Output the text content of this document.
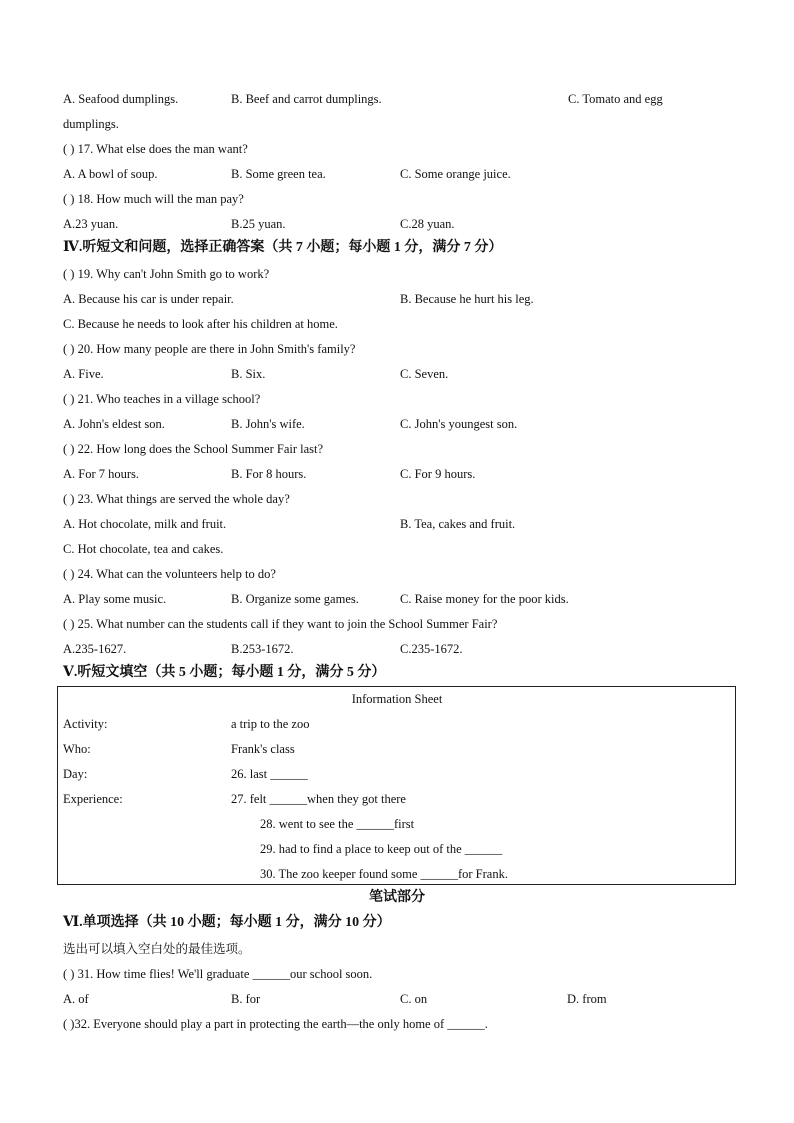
A. Seafood dumplings.	B. Beef and carrot dumplings.	C. Tomato and egg
dumplings.
( ) 17. What else does the man want?
A. A bowl of soup.	B. Some green tea.	C. Some orange juice.
( ) 18. How much will the man pay?
A.23 yuan.	B.25 yuan.	C.28 yuan.
Ⅳ.听短文和问题，选择正确答案（共 7 小题；每小题 1 分，满分 7 分）
( ) 19. Why can't John Smith go to work?
A. Because his car is under repair.	B. Because he hurt his leg.
C. Because he needs to look after his children at home.
( ) 20. How many people are there in John Smith's family?
A. Five.	B. Six.	C. Seven.
( ) 21. Who teaches in a village school?
A. John's eldest son.	B. John's wife.	C. John's youngest son.
( ) 22. How long does the School Summer Fair last?
A. For 7 hours.	B. For 8 hours.	C. For 9 hours.
( ) 23. What things are served the whole day?
A. Hot chocolate, milk and fruit.	B. Tea, cakes and fruit.
C. Hot chocolate, tea and cakes.
( ) 24. What can the volunteers help to do?
A. Play some music.	B. Organize some games.	C. Raise money for the poor kids.
( ) 25. What number can the students call if they want to join the School Summer Fair?
A.235-1627.	B.253-1672.	C.235-1672.
Ⅴ.听短文填空（共 5 小题；每小题 1 分，满分 5 分）
Information Sheet
Activity:	a trip to the zoo
Who:	Frank's class
Day:	26. last ______
Experience:	27. felt ______when they got there
28. went to see the ______first
29. had to find a place to keep out of the ______
30. The zoo keeper found some ______for Frank.
笔试部分
Ⅵ.单项选择（共 10 小题；每小题 1 分，满分 10 分）
选出可以填入空白处的最佳选项。
( ) 31. How time flies! We'll graduate ______our school soon.
A. of	B. for	C. on	D. from
( )32. Everyone should play a part in protecting the earth—the only home of ______.
